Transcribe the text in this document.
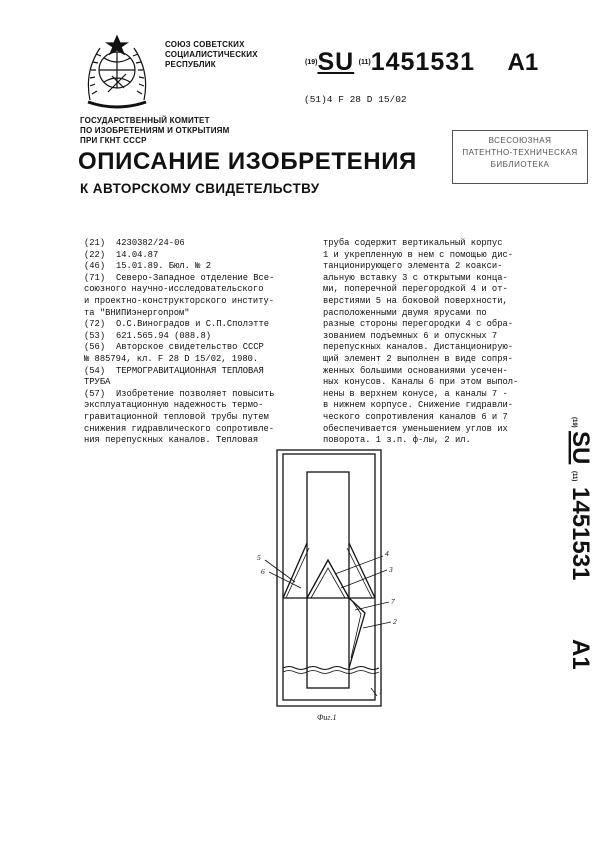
СОЮЗ СОВЕТСКИХ
СОЦИАЛИСТИЧЕСКИХ
РЕСПУБЛИК	$^{(19)}$SU $^{(11)}$1451531 A1
(51)4 F 28 D 15/02
ГОСУДАРСТВЕННЫЙ КОМИТЕТ
ПО ИЗОБРЕТЕНИЯМ И ОТКРЫТИЯМ
ПРИ ГКНТ СССР	ВСЕСОЮЗНАЯ
ПАТЕНТНО-ТЕХНИЧЕСКАЯ
БИБЛИОТЕКА
ОПИСАНИЕ ИЗОБРЕТЕНИЯ
К АВТОРСКОМУ СВИДЕТЕЛЬСТВУ
(21) 4230382/24-06
(22) 14.04.87
(46) 15.01.89. Бюл. № 2
(71) Северо-Западное отделение Все-
союзного научно-исследовательского
и проектно-конструкторского институ-
та "ВНИПИэнергопром"
(72) О.С.Виноградов и С.П.Сполэтте
(53) 621.565.94 (088.8)
(56) Авторское свидетельство СССР
№ 885794, кл. F 28 D 15/02, 1980.
(54) ТЕРМОГРАВИТАЦИОННАЯ ТЕПЛОВАЯ
ТРУБА
(57) Изобретение позволяет повысить
эксплуатационную надежность термо-
гравитационной тепловой трубы путем
снижения гидравлического сопротивле-
ния перепускных каналов. Тепловая
труба содержит вертикальный корпус
1 и укрепленную в нем с помощью дис-
танционирующего элемента 2 коакси-
альную вставку 3 с открытыми конца-
ми, поперечной перегородкой 4 и от-
верстиями 5 на боковой поверхности,
расположенными двумя ярусами по
разные стороны перегородки 4 с обра-
зованием подъемных 6 и опускных 7
перепускных каналов. Дистанционирую-
щий элемент 2 выполнен в виде сопря-
женных большими основаниями усечен-
ных конусов. Каналы 6 при этом выпол-
нены в верхнем конусе, а каналы 7 -
в нижнем корпусе. Снижение гидравли-
ческого сопротивления каналов 6 и 7
обеспечивается уменьшением углов их
поворота. 1 з.п. ф-лы, 2 ил.
(19)
SU
(11)
1451531
A1
5
6
4
3
7
2
1
Фиг.1
